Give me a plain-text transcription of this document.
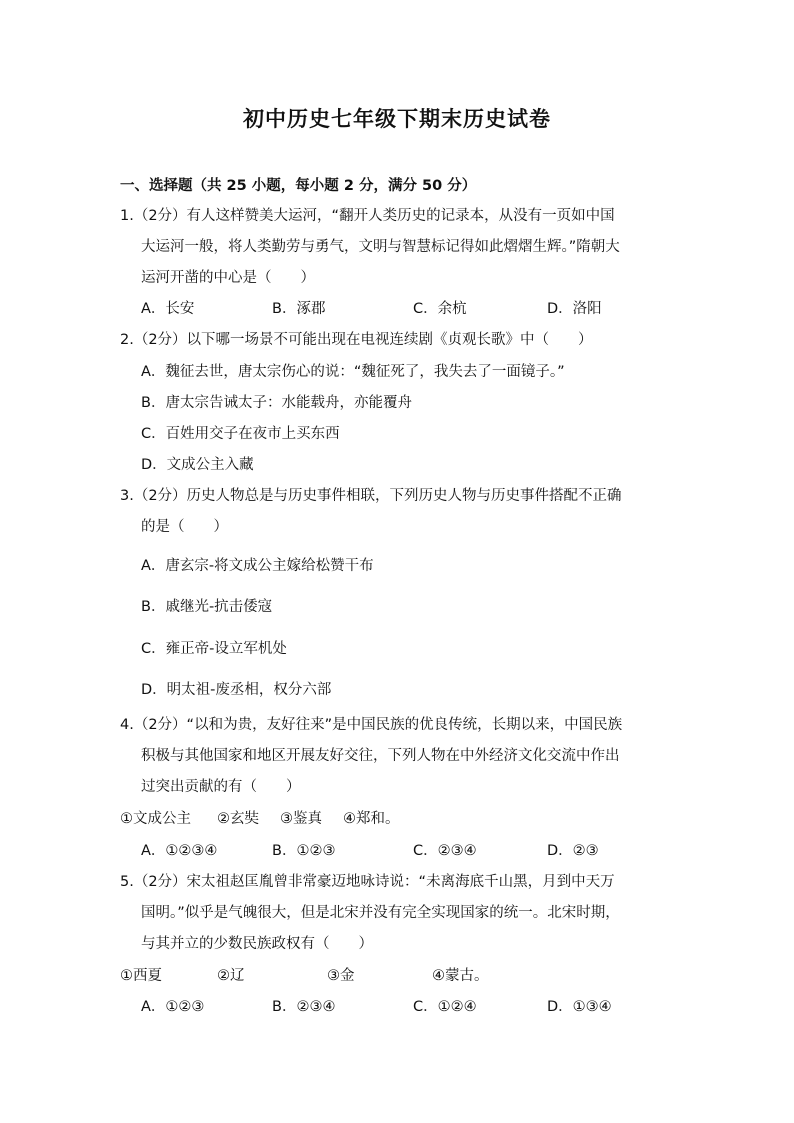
初中历史七年级下期末历史试卷
一、选择题（共 25 小题，每小题 2 分，满分 50 分）
1.（2分）有人这样赞美大运河，“翻开人类历史的记录本，从没有一页如中国
大运河一般，将人类勤劳与勇气，文明与智慧标记得如此熠熠生辉。”隋朝大
运河开凿的中心是（　　）
A．长安	B．涿郡	C．余杭	D．洛阳
2.（2分）以下哪一场景不可能出现在电视连续剧《贞观长歌》中（　　）
A．魏征去世，唐太宗伤心的说：“魏征死了，我失去了一面镜子。”
B．唐太宗告诫太子：水能载舟，亦能覆舟
C．百姓用交子在夜市上买东西
D．文成公主入藏
3.（2分）历史人物总是与历史事件相联，下列历史人物与历史事件搭配不正确
的是（　　）
A．唐玄宗-将文成公主嫁给松赞干布
B．戚继光-抗击倭寇
C．雍正帝-设立军机处
D．明太祖-废丞相，权分六部
4.（2分）“以和为贵，友好往来”是中国民族的优良传统，长期以来，中国民族
积极与其他国家和地区开展友好交往，下列人物在中外经济文化交流中作出
过突出贡献的有（　　）
①文成公主 ②玄奘 ③鉴真 ④郑和。
A．①②③④	B．①②③	C．②③④	D．②③
5.（2分）宋太祖赵匡胤曾非常豪迈地咏诗说：“未离海底千山黑，月到中天万
国明。”似乎是气魄很大，但是北宋并没有完全实现国家的统一。北宋时期，
与其并立的少数民族政权有（　　）
①西夏	②辽	③金	④蒙古。
A．①②③	B．②③④	C．①②④	D．①③④
